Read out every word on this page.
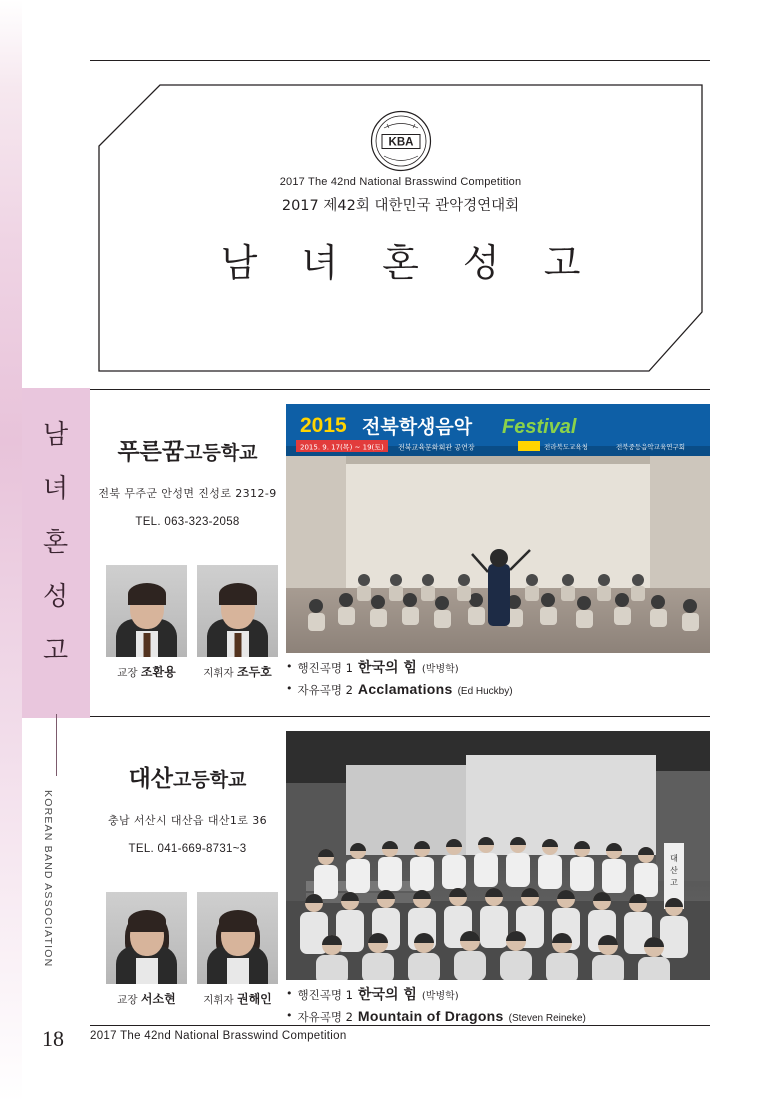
남
녀
혼
성
고
KOREAN BAND ASSOCIATION
18
KBA
2017 The 42nd National Brasswind Competition
2017 제42회 대한민국 관악경연대회
남 녀 혼 성 고
푸른꿈고등학교
전북 무주군 안성면 진성로 2312-9
TEL. 063-323-2058
교장 조환용	지휘자 조두호
2015 전북학생음악 Festival
2015. 9. 17(목) ~ 19(토) 전북교육문화회관 공연장	전라북도교육청	전북중등음악교육연구회
• 행진곡명 1 한국의 힘 (박병학)
• 자유곡명 2 Acclamations (Ed Huckby)
대산고등학교
충남 서산시 대산읍 대산1로 36
TEL. 041-669-8731~3
교장 서소현	지휘자 권해인
대
산
고
• 행진곡명 1 한국의 힘 (박병학)
• 자유곡명 2 Mountain of Dragons (Steven Reineke)
2017 The 42nd National Brasswind Competition
